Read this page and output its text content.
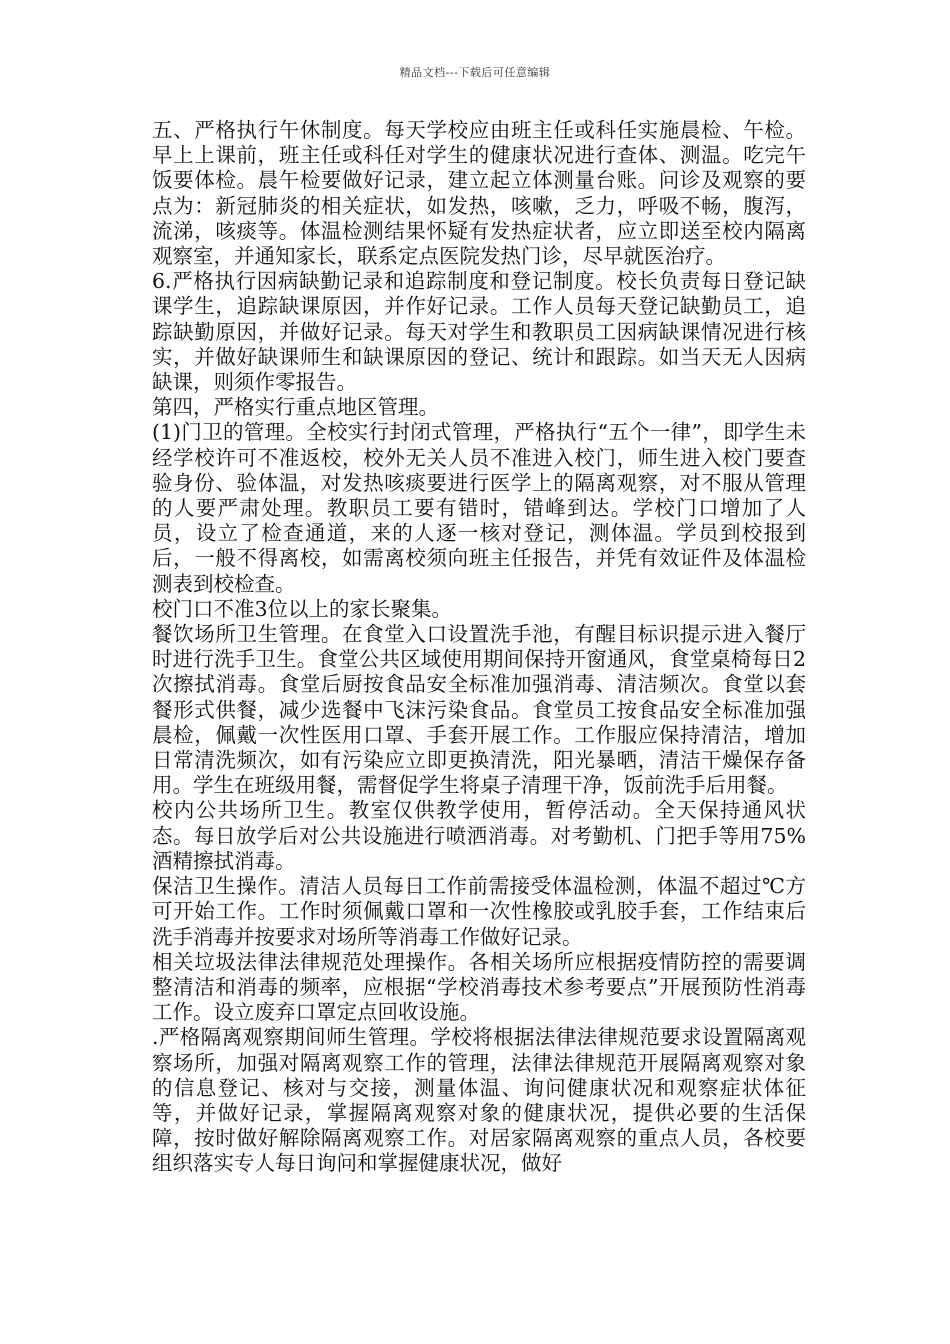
精品文档---下载后可任意编辑

五、严格执行午休制度。每天学校应由班主任或科任实施晨检、午检。早上上课前，班主任或科任对学生的健康状况进行查体、测温。吃完午饭要体检。晨午检要做好记录，建立起立体测量台账。问诊及观察的要点为：新冠肺炎的相关症状，如发热，咳嗽，乏力，呼吸不畅，腹泻，流涕，咳痰等。体温检测结果怀疑有发热症状者，应立即送至校内隔离观察室，并通知家长，联系定点医院发热门诊，尽早就医治疗。

6.严格执行因病缺勤记录和追踪制度和登记制度。校长负责每日登记缺课学生，追踪缺课原因，并作好记录。工作人员每天登记缺勤员工，追踪缺勤原因，并做好记录。每天对学生和教职员工因病缺课情况进行核实，并做好缺课师生和缺课原因的登记、统计和跟踪。如当天无人因病缺课，则须作零报告。

第四，严格实行重点地区管理。

(1)门卫的管理。全校实行封闭式管理，严格执行“五个一律”，即学生未经学校许可不准返校，校外无关人员不准进入校门，师生进入校门要查验身份、验体温，对发热咳痰要进行医学上的隔离观察，对不服从管理的人要严肃处理。教职员工要有错时，错峰到达。学校门口增加了人员，设立了检查通道，来的人逐一核对登记，测体温。学员到校报到后，一般不得离校，如需离校须向班主任报告，并凭有效证件及体温检测表到校检查。

校门口不准3位以上的家长聚集。

餐饮场所卫生管理。在食堂入口设置洗手池，有醒目标识提示进入餐厅时进行洗手卫生。食堂公共区域使用期间保持开窗通风，食堂桌椅每日2次擦拭消毒。食堂后厨按食品安全标准加强消毒、清洁频次。食堂以套餐形式供餐，减少选餐中飞沫污染食品。食堂员工按食品安全标准加强晨检，佩戴一次性医用口罩、手套开展工作。工作服应保持清洁，增加日常清洗频次，如有污染应立即更换清洗，阳光暴晒，清洁干燥保存备用。学生在班级用餐，需督促学生将桌子清理干净，饭前洗手后用餐。

校内公共场所卫生。教室仅供教学使用，暂停活动。全天保持通风状态。每日放学后对公共设施进行喷洒消毒。对考勤机、门把手等用75%酒精擦拭消毒。

保洁卫生操作。清洁人员每日工作前需接受体温检测，体温不超过℃方可开始工作。工作时须佩戴口罩和一次性橡胶或乳胶手套，工作结束后洗手消毒并按要求对场所等消毒工作做好记录。

相关垃圾法律法律规范处理操作。各相关场所应根据疫情防控的需要调整清洁和消毒的频率，应根据“学校消毒技术参考要点”开展预防性消毒工作。设立废弃口罩定点回收设施。

.严格隔离观察期间师生管理。学校将根据法律法律规范要求设置隔离观察场所，加强对隔离观察工作的管理，法律法律规范开展隔离观察对象的信息登记、核对与交接，测量体温、询问健康状况和观察症状体征等，并做好记录，掌握隔离观察对象的健康状况，提供必要的生活保障，按时做好解除隔离观察工作。对居家隔离观察的重点人员，各校要组织落实专人每日询问和掌握健康状况，做好
